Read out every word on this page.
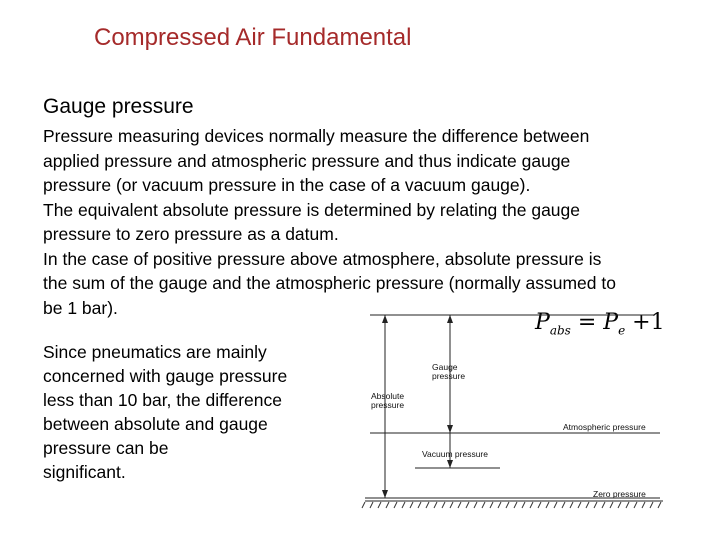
Compressed Air Fundamental
Gauge pressure

Pressure measuring devices normally measure the difference between

applied pressure and atmospheric pressure and thus indicate gauge

pressure (or vacuum pressure in the case of a vacuum gauge).

The equivalent absolute pressure is determined by relating the gauge

pressure to zero pressure as a datum.

In the case of positive pressure above atmosphere, absolute pressure is

the sum of the gauge and the atmospheric pressure (normally assumed to

be 1 bar).

Since pneumatics are mainly

concerned with gauge pressure

less than 10 bar, the difference

between absolute and gauge

pressure can be

significant.

$P_{abs} = P_e +1$
Gauge
pressure
Absolute
pressure
Atmospheric pressure
Vacuum pressure
Zero pressure
